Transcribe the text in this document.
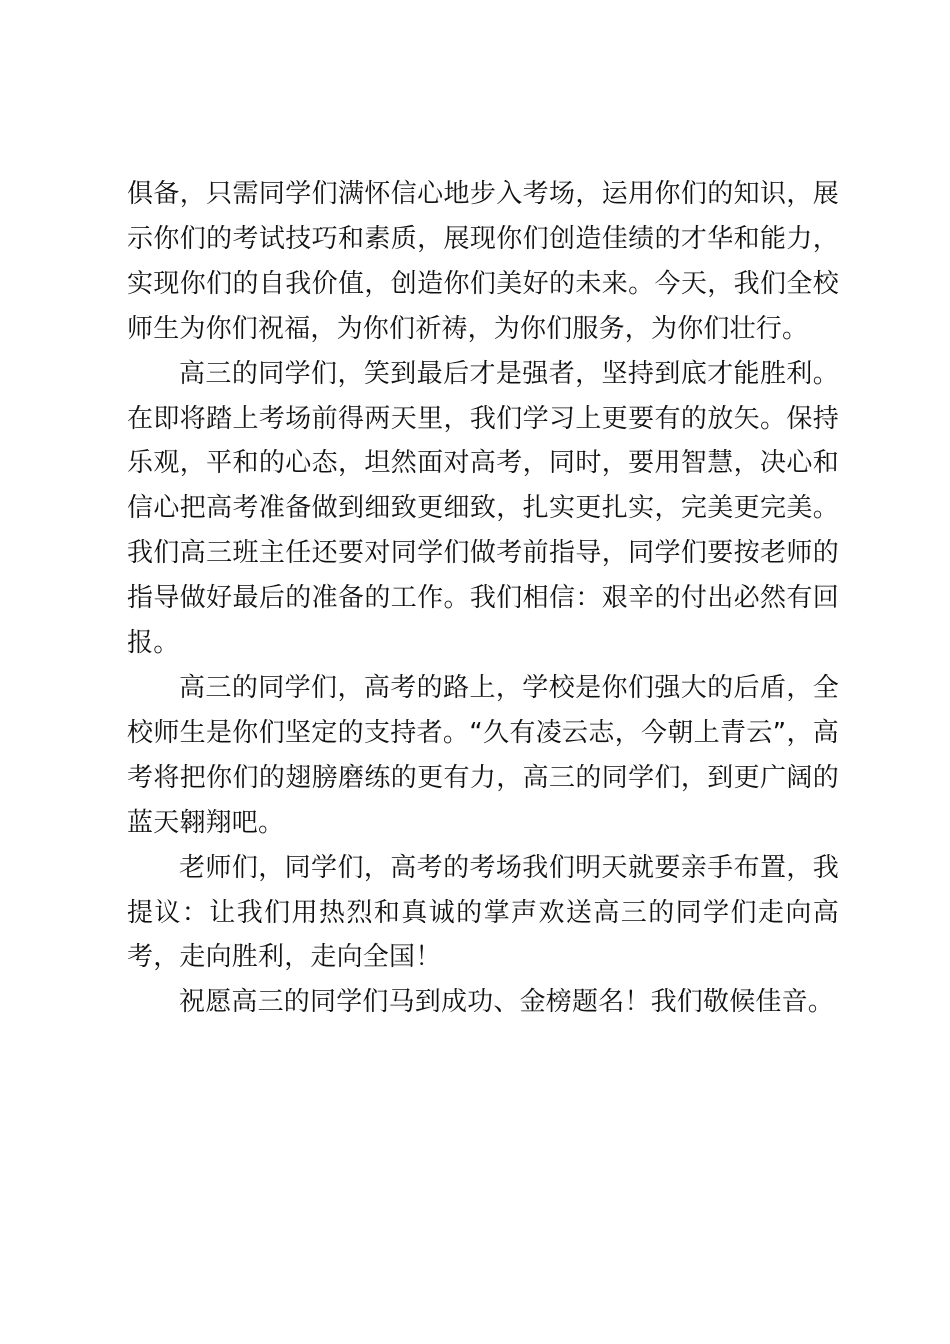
俱备，只需同学们满怀信心地步入考场，运用你们的知识，展示你们的考试技巧和素质，展现你们创造佳绩的才华和能力，实现你们的自我价值，创造你们美好的未来。今天，我们全校师生为你们祝福，为你们祈祷，为你们服务，为你们壮行。

高三的同学们，笑到最后才是强者，坚持到底才能胜利。在即将踏上考场前得两天里，我们学习上更要有的放矢。保持乐观，平和的心态，坦然面对高考，同时，要用智慧，决心和信心把高考准备做到细致更细致，扎实更扎实，完美更完美。我们高三班主任还要对同学们做考前指导，同学们要按老师的指导做好最后的准备的工作。我们相信：艰辛的付出必然有回报。

高三的同学们，高考的路上，学校是你们强大的后盾，全校师生是你们坚定的支持者。“久有凌云志，今朝上青云”，高考将把你们的翅膀磨练的更有力，高三的同学们，到更广阔的蓝天翱翔吧。

老师们，同学们，高考的考场我们明天就要亲手布置，我提议：让我们用热烈和真诚的掌声欢送高三的同学们走向高考，走向胜利，走向全国！

祝愿高三的同学们马到成功、金榜题名！我们敬候佳音。
